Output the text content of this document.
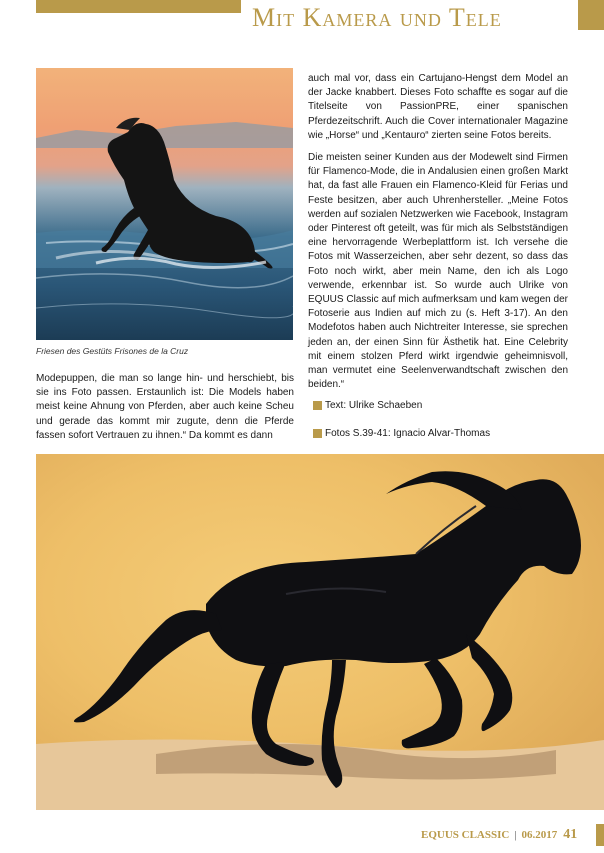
Mit Kamera und Tele
Friesen des Gestüts Frisones de la Cruz

Modepuppen, die man so lange hin- und herschiebt, bis sie ins Foto passen. Erstaunlich ist: Die Models haben meist keine Ahnung von Pferden, aber auch keine Scheu und gerade das kommt mir zugute, denn die Pferde fassen sofort Vertrauen zu ihnen.“ Da kommt es dann

auch mal vor, dass ein Cartujano-Hengst dem Model an der Jacke knabbert. Dieses Foto schaffte es sogar auf die Titelseite von PassionPRE, einer spanischen Pferdezeitschrift. Auch die Cover internationaler Magazine wie „Horse“ und „Kentauro“ zierten seine Fotos bereits.

Die meisten seiner Kunden aus der Modewelt sind Firmen für Flamenco-Mode, die in Andalusien einen großen Markt hat, da fast alle Frauen ein Flamenco-Kleid für Ferias und Feste besitzen, aber auch Uhrenhersteller. „Meine Fotos werden auf sozialen Netzwerken wie Facebook, Instagram oder Pinterest oft geteilt, was für mich als Selbstständigen eine hervorragende Werbeplattform ist. Ich versehe die Fotos mit Wasserzeichen, aber sehr dezent, so dass das Foto noch wirkt, aber mein Name, den ich als Logo verwende, erkennbar ist. So wurde auch Ulrike von EQUUS Classic auf mich aufmerksam und kam wegen der Fotoserie aus Indien auf mich zu (s. Heft 3-17). An den Modefotos haben auch Nichtreiter Interesse, sie sprechen jeden an, der einen Sinn für Ästhetik hat. Eine Celebrity mit einem stolzen Pferd wirkt irgendwie geheimnisvoll, man vermutet eine Seelenverwandtschaft zwischen den beiden.“

Text: Ulrike Schaeben
Fotos S.39-41: Ignacio Alvar-Thomas
EQUUS CLASSIC | 06.2017 41
